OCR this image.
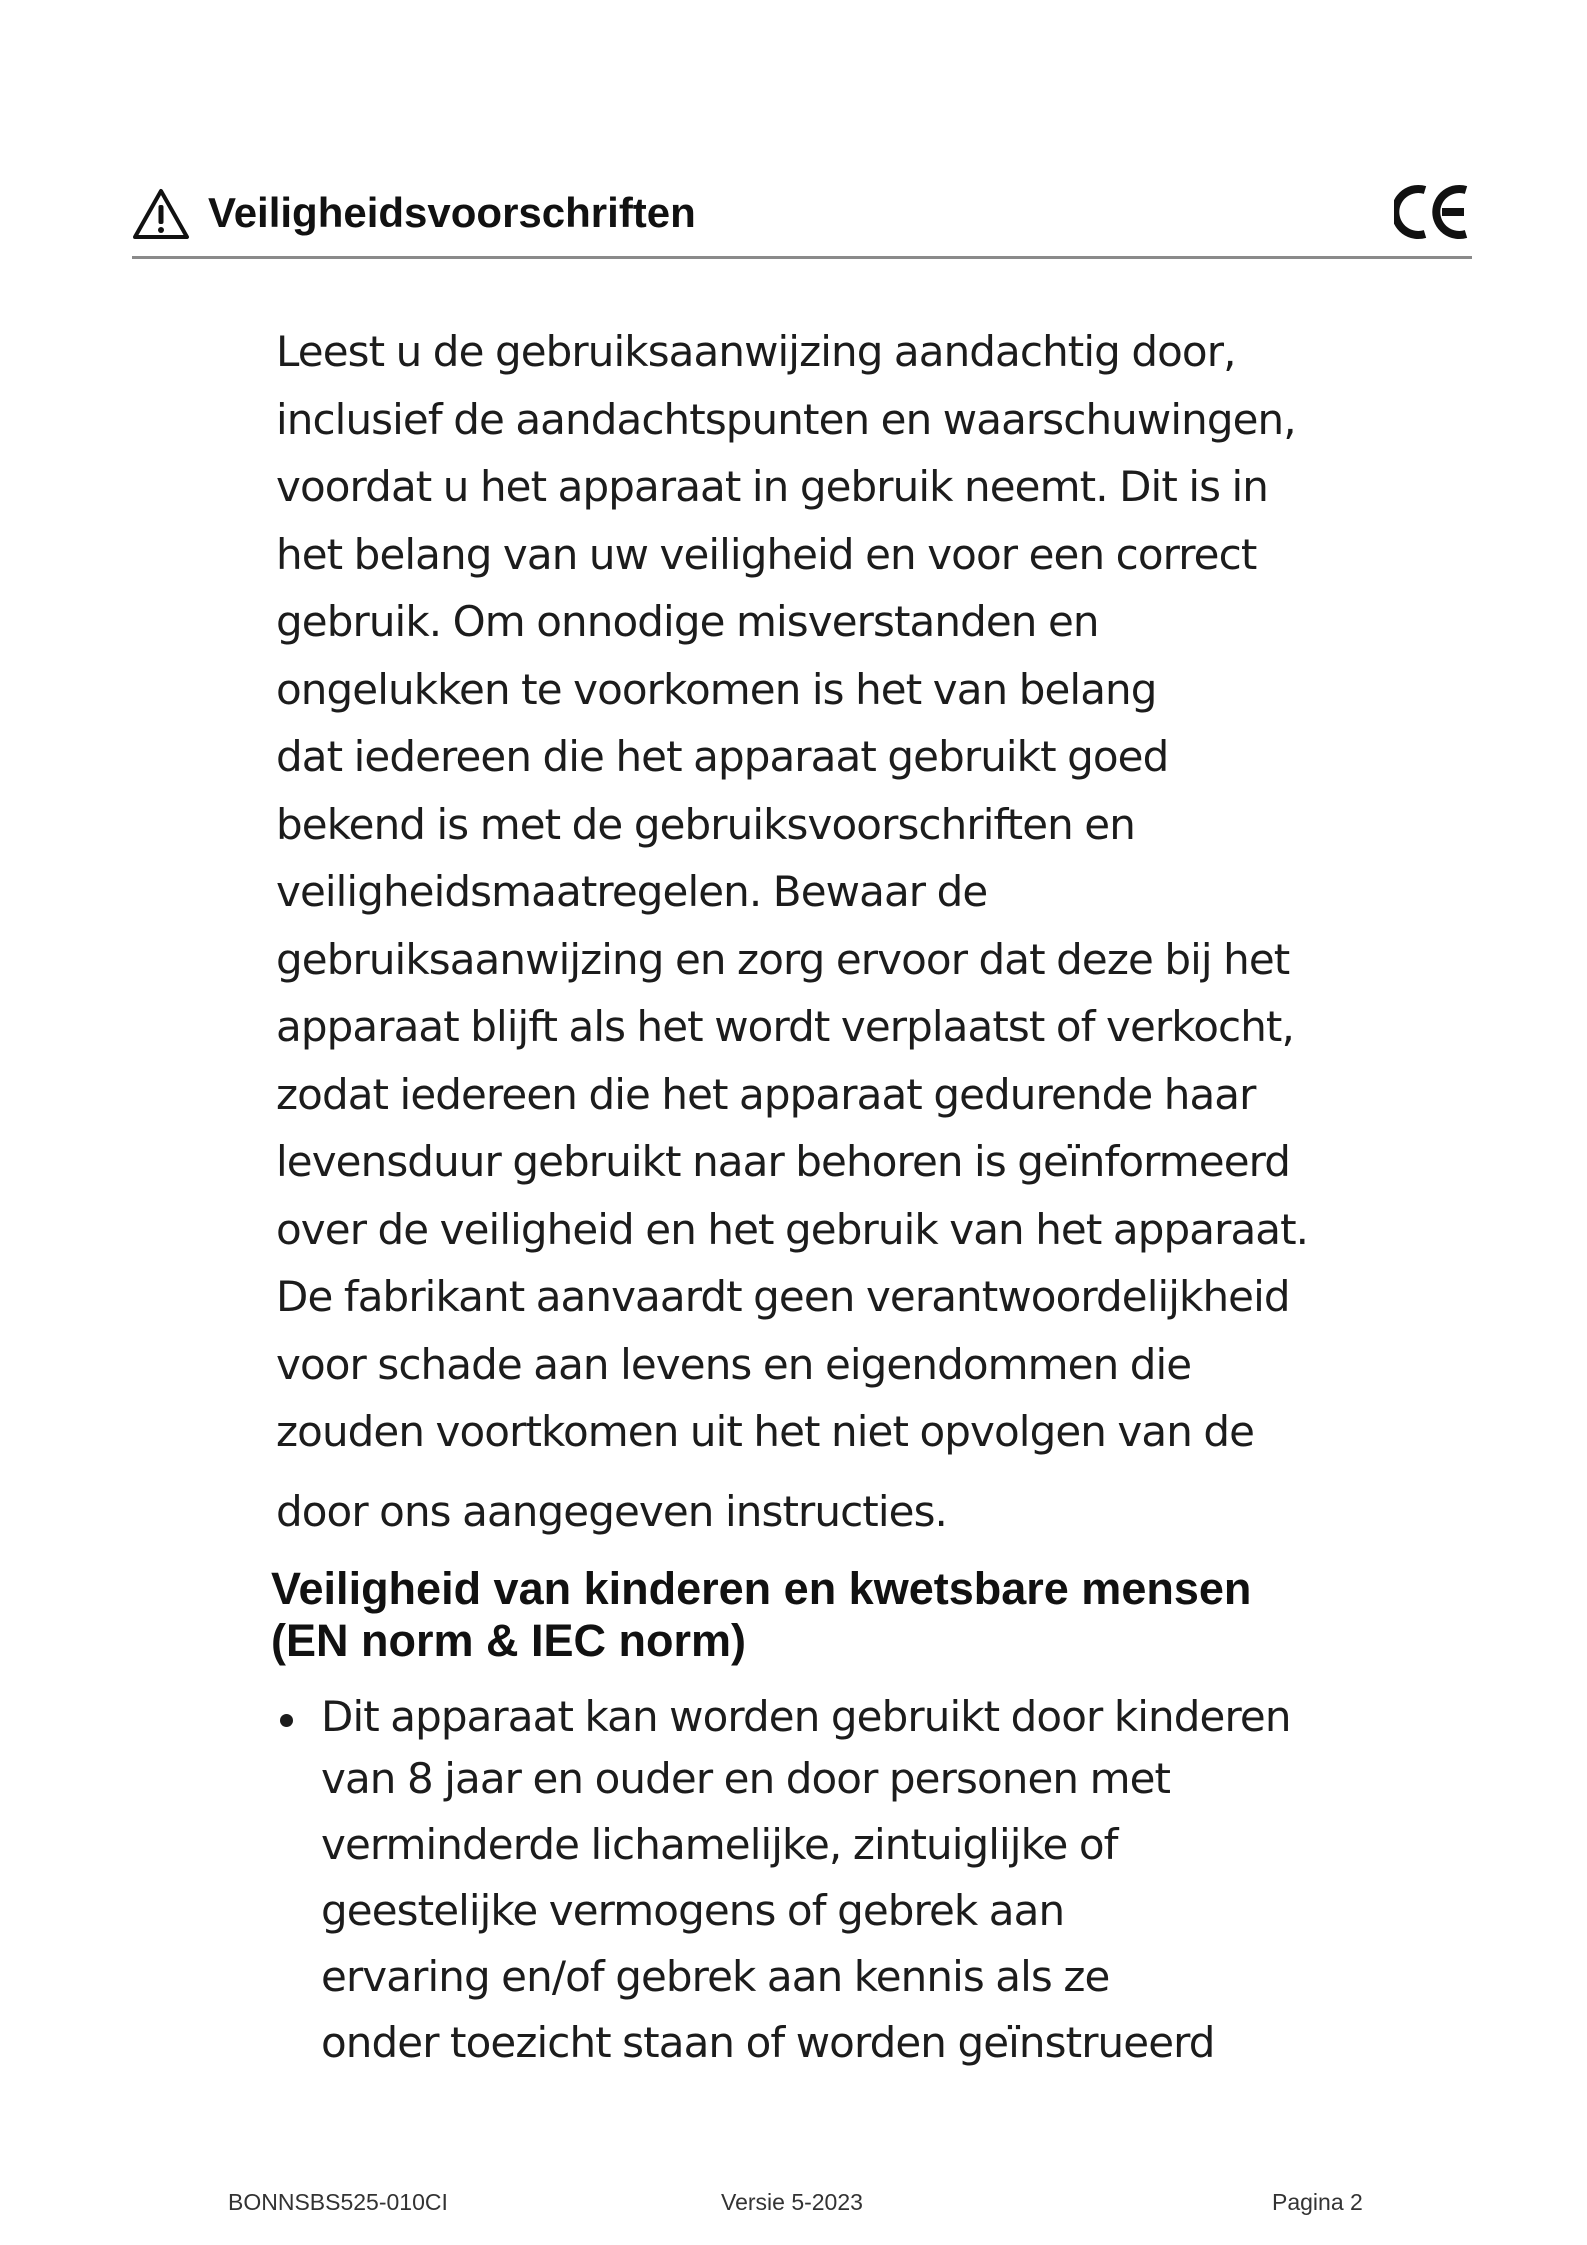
Veiligheidsvoorschriften

Leest u de gebruiksaanwijzing aandachtig door,
inclusief de aandachtspunten en waarschuwingen,
voordat u het apparaat in gebruik neemt. Dit is in
het belang van uw veiligheid en voor een correct
gebruik. Om onnodige misverstanden en
ongelukken te voorkomen is het van belang
dat iedereen die het apparaat gebruikt goed
bekend is met de gebruiksvoorschriften en
veiligheidsmaatregelen. Bewaar de
gebruiksaanwijzing en zorg ervoor dat deze bij het
apparaat blijft als het wordt verplaatst of verkocht,
zodat iedereen die het apparaat gedurende haar
levensduur gebruikt naar behoren is geïnformeerd
over de veiligheid en het gebruik van het apparaat.
De fabrikant aanvaardt geen verantwoordelijkheid
voor schade aan levens en eigendommen die
zouden voortkomen uit het niet opvolgen van de
door ons aangegeven instructies.

Veiligheid van kinderen en kwetsbare mensen
(EN norm & IEC norm)
Dit apparaat kan worden gebruikt door kinderen
van 8 jaar en ouder en door personen met
verminderde lichamelijke, zintuiglijke of
geestelijke vermogens of gebrek aan
ervaring en/of gebrek aan kennis als ze
onder toezicht staan of worden geïnstrueerd
BONNSBS525-010CI	Versie 5-2023	Pagina 2
